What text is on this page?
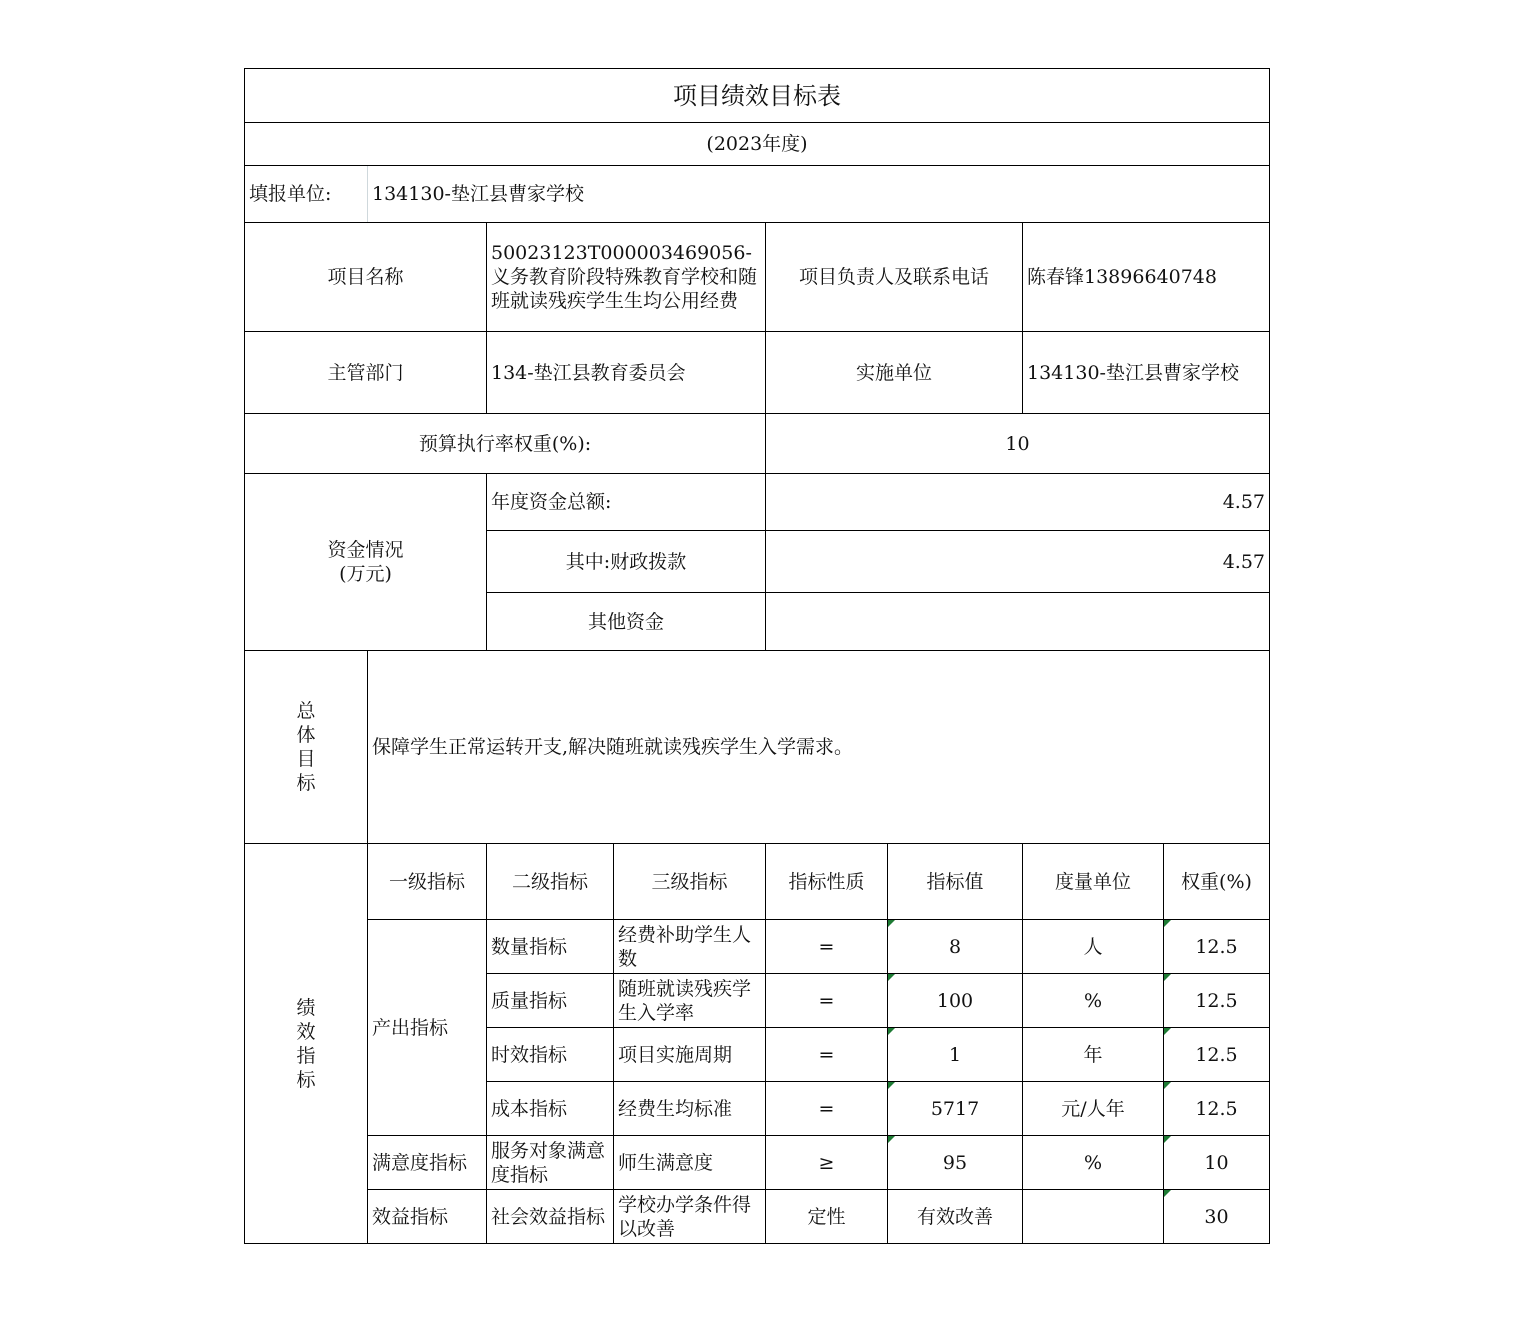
项目绩效目标表							
(2023年度)							
填报单位:	134130-垫江县曹家学校						
项目名称		50023123T000003469056-义务教育阶段特殊教育学校和随班就读残疾学生生均公用经费		项目负责人及联系电话		陈春锋13896640748	
主管部门		134-垫江县教育委员会		实施单位		134130-垫江县曹家学校	
预算执行率权重(%):				10			

资金情况
(万元)		年度资金总额:		4.57			
		其中:财政拨款		4.57			
		其他资金					

总
体
目
标	保障学生正常运转开支,解决随班就读残疾学生入学需求。						

绩
效
指
标	一级指标	二级指标	三级指标	指标性质	指标值	度量单位	权重(%)
	产出指标	数量指标	经费补助学生人数	=	8	人	12.5
		质量指标	随班就读残疾学生入学率	=	100	%	12.5
		时效指标	项目实施周期	=	1	年	12.5
		成本指标	经费生均标准	=	5717	元/人年	12.5
	满意度指标	服务对象满意度指标	师生满意度	≥	95	%	10
	效益指标	社会效益指标	学校办学条件得以改善	定性	有效改善		30
